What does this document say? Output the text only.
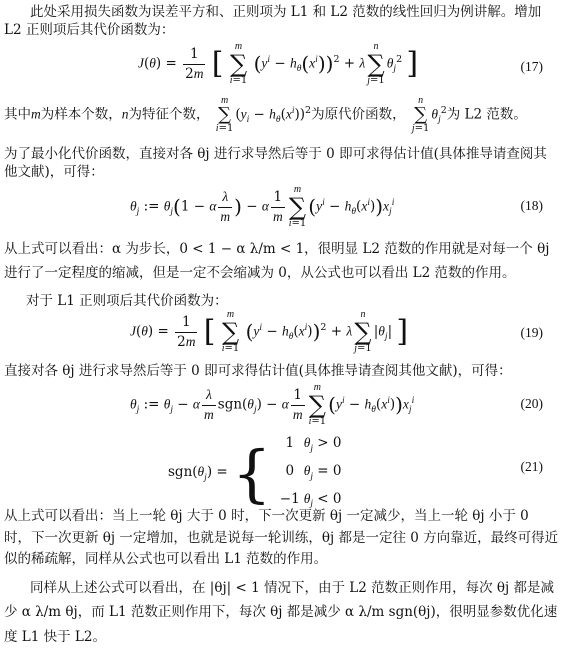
此处采用损失函数为误差平方和、正则项为 L1 和 L2 范数的线性回归为例讲解。增加 L2 正则项后其代价函数为：

$J(\theta) = \frac{1}{2m}$ [	m
∑
i=1
$(y^i - h_\theta(x^i))^2 + \lambda$
n
∑
j=1
$\theta_j^2$ ]	(17)

其中m为样本个数，n为特征个数，
m
∑
i=1
$(y_i - h_\theta(x^i))^2$为原代价函数，
n
∑
j=1
$\theta_j^2$为 L2 范数。

为了最小化代价函数，直接对各 θj 进行求导然后等于 0 即可求得估计值(具体推导请查阅其他文献)，可得：

$\theta_j$ := $\theta_j(1 - \alpha \frac{\lambda}{m}$ ) − α $\frac{1}{m}$ m
∑
i=1
$(y^i - h_\theta(x^i))x_j^i$	(18)

从上式可以看出：α 为步长，0 < 1 − α λ/m < 1，很明显 L2 范数的作用就是对每一个 θj 进行了一定程度的缩减，但是一定不会缩减为 0，从公式也可以看出 L2 范数的作用。

对于 L1 正则项后其代价函数为：

$J(\theta) = \frac{1}{2m}$ [	m
∑
i=1
$(y^i - h_\theta(x^i))^2 + \lambda$
n
∑
j=1
$|\theta_j|$ ]	(19)

直接对各 θj 进行求导然后等于 0 即可求得估计值(具体推导请查阅其他文献)，可得：

$\theta_j$ := $\theta_j - \alpha \frac{\lambda}{m} sgn(\theta_j) - \alpha \frac{1}{m}$ m
∑
i=1
$(y^i - h_\theta(x^i))x_j^i$	(20)
$sgn(\theta_j)$ = {	1 $\theta_j > 0$
0 $\theta_j = 0$
−1 $\theta_j < 0$
(21)

从上式可以看出：当上一轮 θj 大于 0 时，下一次更新 θj 一定减少，当上一轮 θj 小于 0 时，下一次更新 θj 一定增加，也就是说每一轮训练，θj 都是一定往 0 方向靠近，最终可得近似的稀疏解，同样从公式也可以看出 L1 范数的作用。

同样从上述公式可以看出，在 |θj| < 1 情况下，由于 L2 范数正则作用，每次 θj 都是减少 α λ/m θj，而 L1 范数正则作用下，每次 θj 都是减少 α λ/m sgn(θj)，很明显参数优化速度 L1 快于 L2。
